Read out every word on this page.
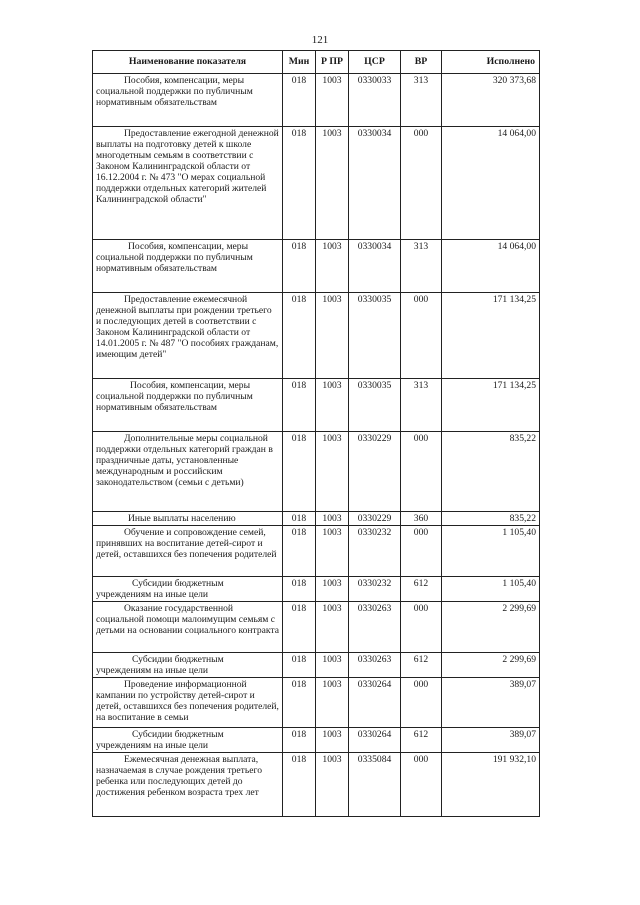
121
Наименование показателя	Мин	Р ПР	ЦСР	ВР	Исполнено
Пособия, компенсации, меры социальной поддержки по публичным нормативным обязательствам	018	1003	0330033	313	320 373,68
Предоставление ежегодной денежной выплаты на подготовку детей к школе многодетным семьям в соответствии с Законом Калининградской области от 16.12.2004 г. № 473 "О мерах социальной поддержки отдельных категорий жителей Калининградской области"	018	1003	0330034	000	14 064,00
Пособия, компенсации, меры социальной поддержки по публичным нормативным обязательствам	018	1003	0330034	313	14 064,00
Предоставление ежемесячной денежной выплаты при рождении третьего и последующих детей в соответствии с Законом Калининградской области от 14.01.2005 г. № 487 "О пособиях гражданам, имеющим детей"	018	1003	0330035	000	171 134,25
Пособия, компенсации, меры социальной поддержки по публичным нормативным обязательствам	018	1003	0330035	313	171 134,25
Дополнительные меры социальной поддержки отдельных категорий граждан в праздничные даты, установленные международным и российским законодательством (семьи с детьми)	018	1003	0330229	000	835,22
Иные выплаты населению	018	1003	0330229	360	835,22
Обучение и сопровождение семей, принявших на воспитание детей-сирот и детей, оставшихся без попечения родителей	018	1003	0330232	000	1 105,40
Субсидии бюджетным учреждениям на иные цели	018	1003	0330232	612	1 105,40
Оказание государственной социальной помощи малоимущим семьям с детьми на основании социального контракта	018	1003	0330263	000	2 299,69
Субсидии бюджетным учреждениям на иные цели	018	1003	0330263	612	2 299,69
Проведение информационной кампании по устройству детей-сирот и детей, оставшихся без попечения родителей, на воспитание в семьи	018	1003	0330264	000	389,07
Субсидии бюджетным учреждениям на иные цели	018	1003	0330264	612	389,07
Ежемесячная денежная выплата, назначаемая в случае рождения третьего ребенка или последующих детей до достижения ребенком возраста трех лет	018	1003	0335084	000	191 932,10
